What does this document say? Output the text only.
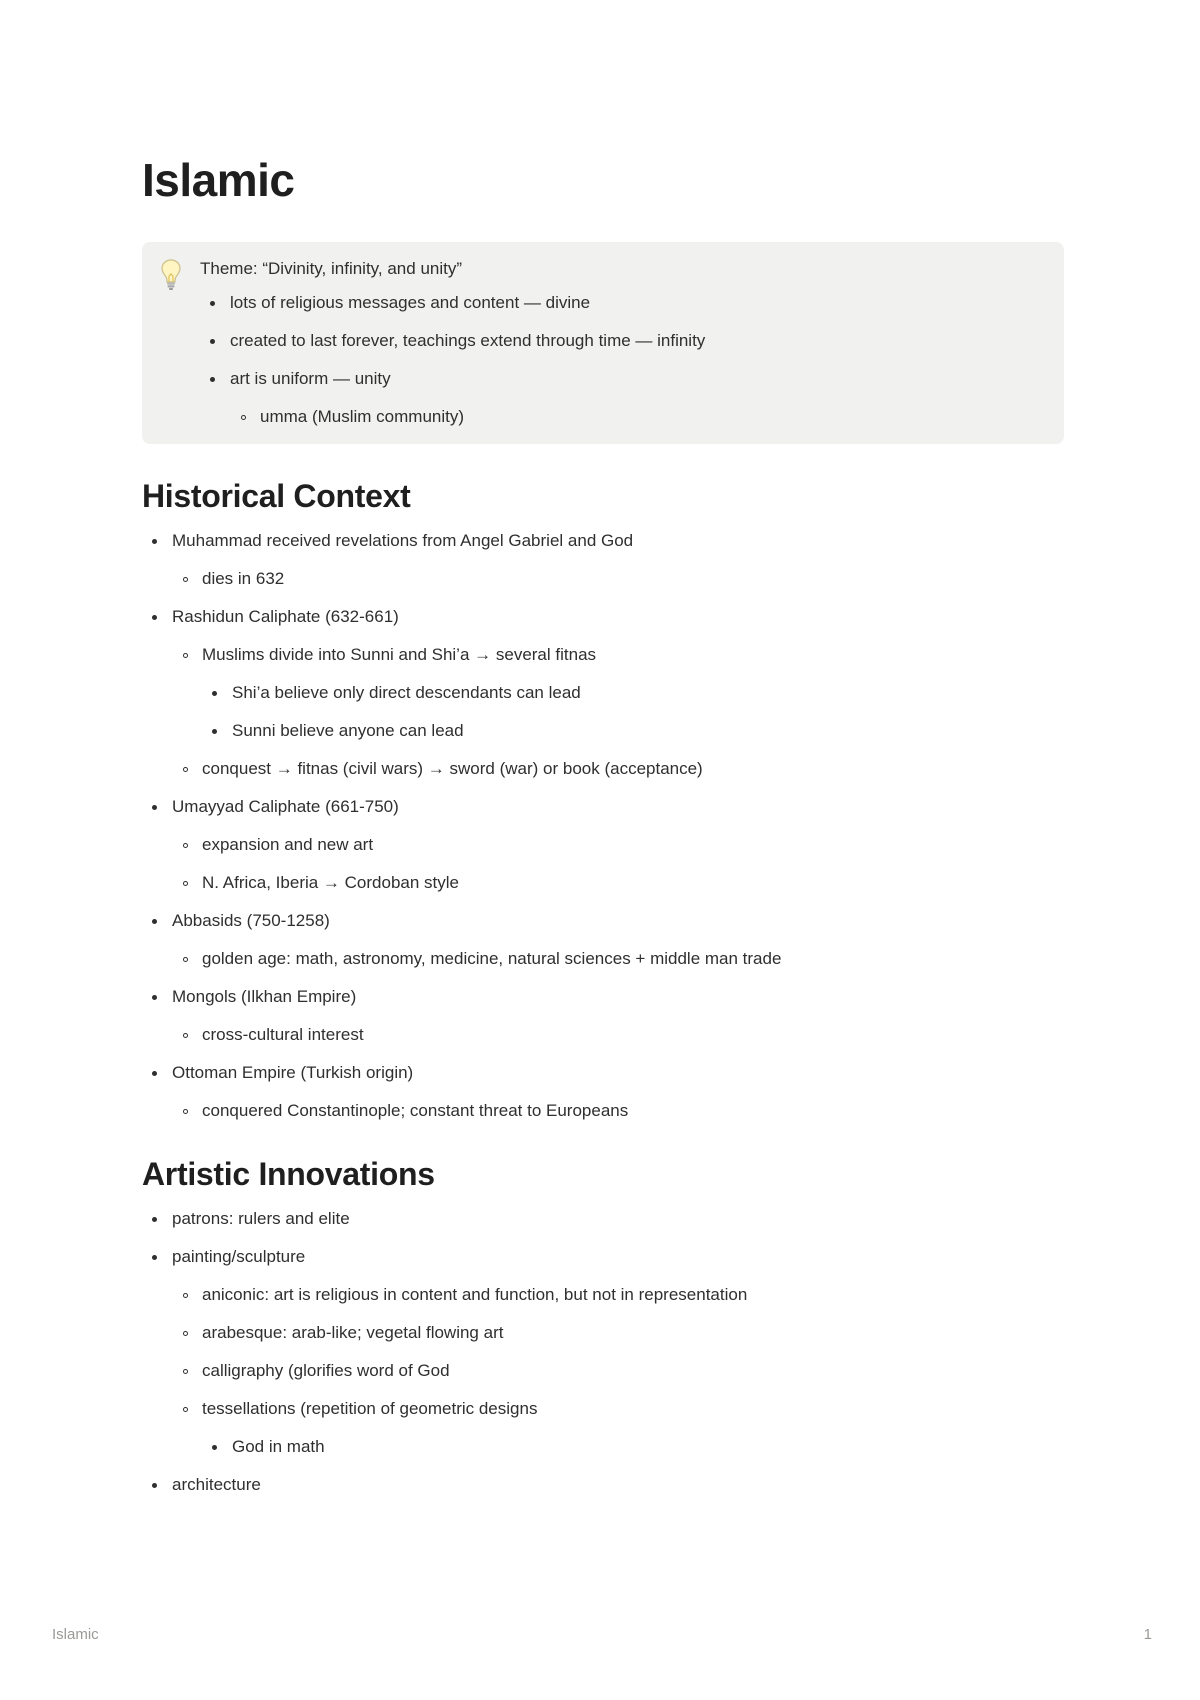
Islamic
Theme: “Divinity, infinity, and unity”
lots of religious messages and content — divine
created to last forever, teachings extend through time — infinity
art is uniform — unity
umma (Muslim community)
Historical Context
Muhammad received revelations from Angel Gabriel and God
dies in 632
Rashidun Caliphate (632-661)
Muslims divide into Sunni and Shi’a → several fitnas
Shi’a believe only direct descendants can lead
Sunni believe anyone can lead
conquest → fitnas (civil wars) → sword (war) or book (acceptance)
Umayyad Caliphate (661-750)
expansion and new art
N. Africa, Iberia → Cordoban style
Abbasids (750-1258)
golden age: math, astronomy, medicine, natural sciences + middle man trade
Mongols (Ilkhan Empire)
cross-cultural interest
Ottoman Empire (Turkish origin)
conquered Constantinople; constant threat to Europeans
Artistic Innovations
patrons: rulers and elite
painting/sculpture
aniconic: art is religious in content and function, but not in representation
arabesque: arab-like; vegetal flowing art
calligraphy (glorifies word of God
tessellations (repetition of geometric designs
God in math
architecture
Islamic	1
